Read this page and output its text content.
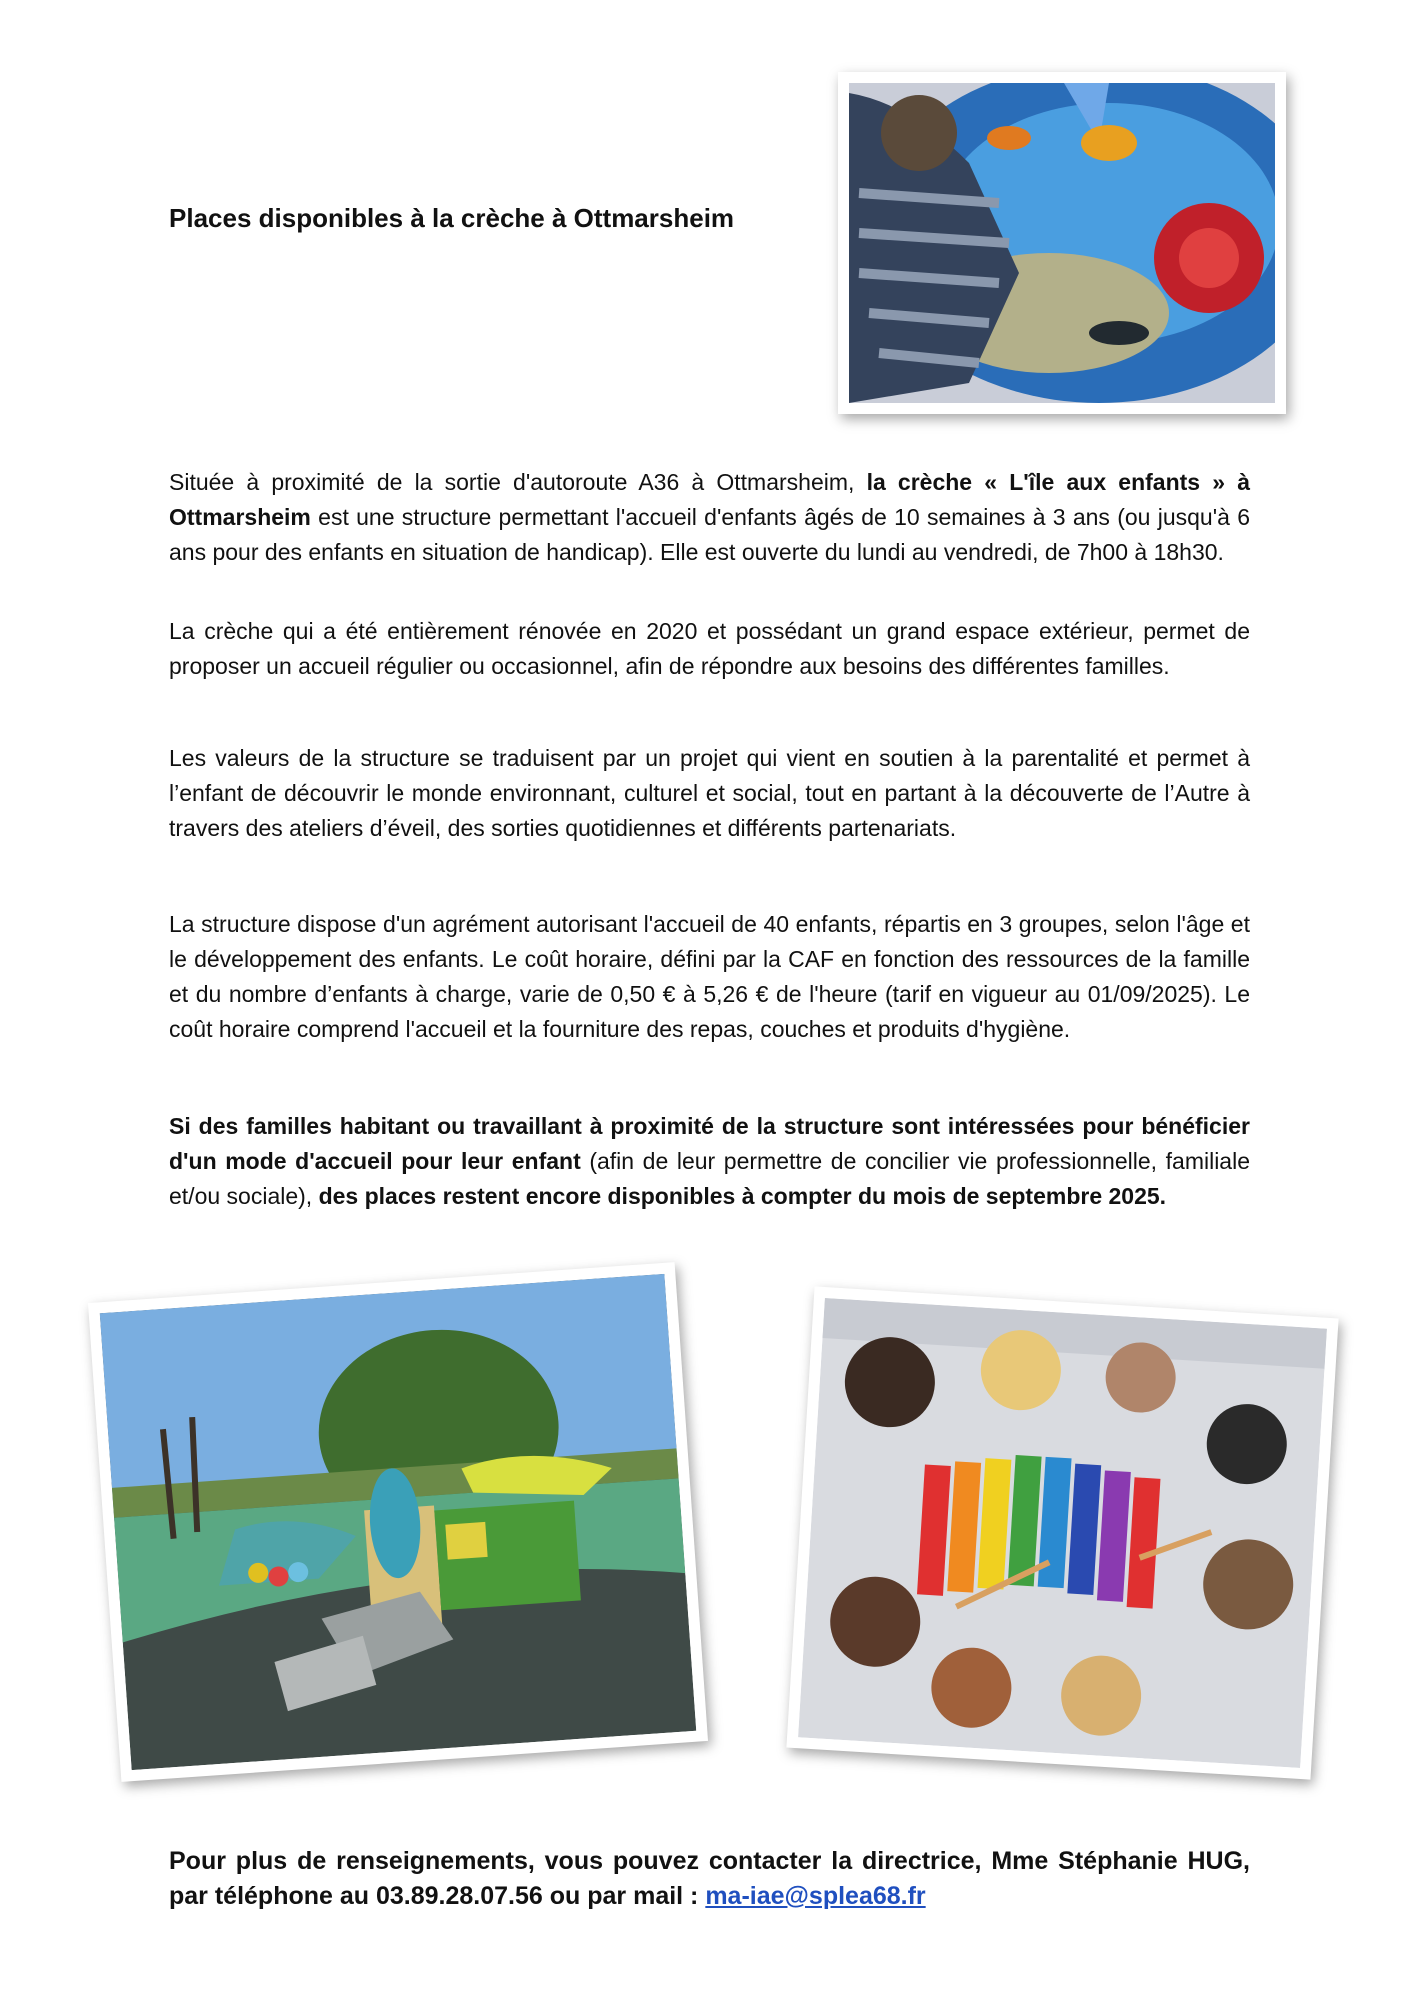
Places disponibles à la crèche à Ottmarsheim

Située à proximité de la sortie d'autoroute A36 à Ottmarsheim, la crèche « L'île aux enfants » à Ottmarsheim est une structure permettant l'accueil d'enfants âgés de 10 semaines à 3 ans (ou jusqu'à 6 ans pour des enfants en situation de handicap). Elle est ouverte du lundi au vendredi, de 7h00 à 18h30.

La crèche qui a été entièrement rénovée en 2020 et possédant un grand espace extérieur, permet de proposer un accueil régulier ou occasionnel, afin de répondre aux besoins des différentes familles.

Les valeurs de la structure se traduisent par un projet qui vient en soutien à la parentalité et permet à l’enfant de découvrir le monde environnant, culturel et social, tout en partant à la découverte de l’Autre à travers des ateliers d’éveil, des sorties quotidiennes et différents partenariats.

La structure dispose d'un agrément autorisant l'accueil de 40 enfants, répartis en 3 groupes, selon l'âge et le développement des enfants. Le coût horaire, défini par la CAF en fonction des ressources de la famille et du nombre d’enfants à charge, varie de 0,50 € à 5,26 € de l'heure (tarif en vigueur au 01/09/2025). Le coût horaire comprend l'accueil et la fourniture des repas, couches et produits d'hygiène.

Si des familles habitant ou travaillant à proximité de la structure sont intéressées pour bénéficier d'un mode d'accueil pour leur enfant (afin de leur permettre de concilier vie professionnelle, familiale et/ou sociale), des places restent encore disponibles à compter du mois de septembre 2025.

Pour plus de renseignements, vous pouvez contacter la directrice, Mme Stéphanie HUG, par téléphone au 03.89.28.07.56 ou par mail : ma-iae@splea68.fr
